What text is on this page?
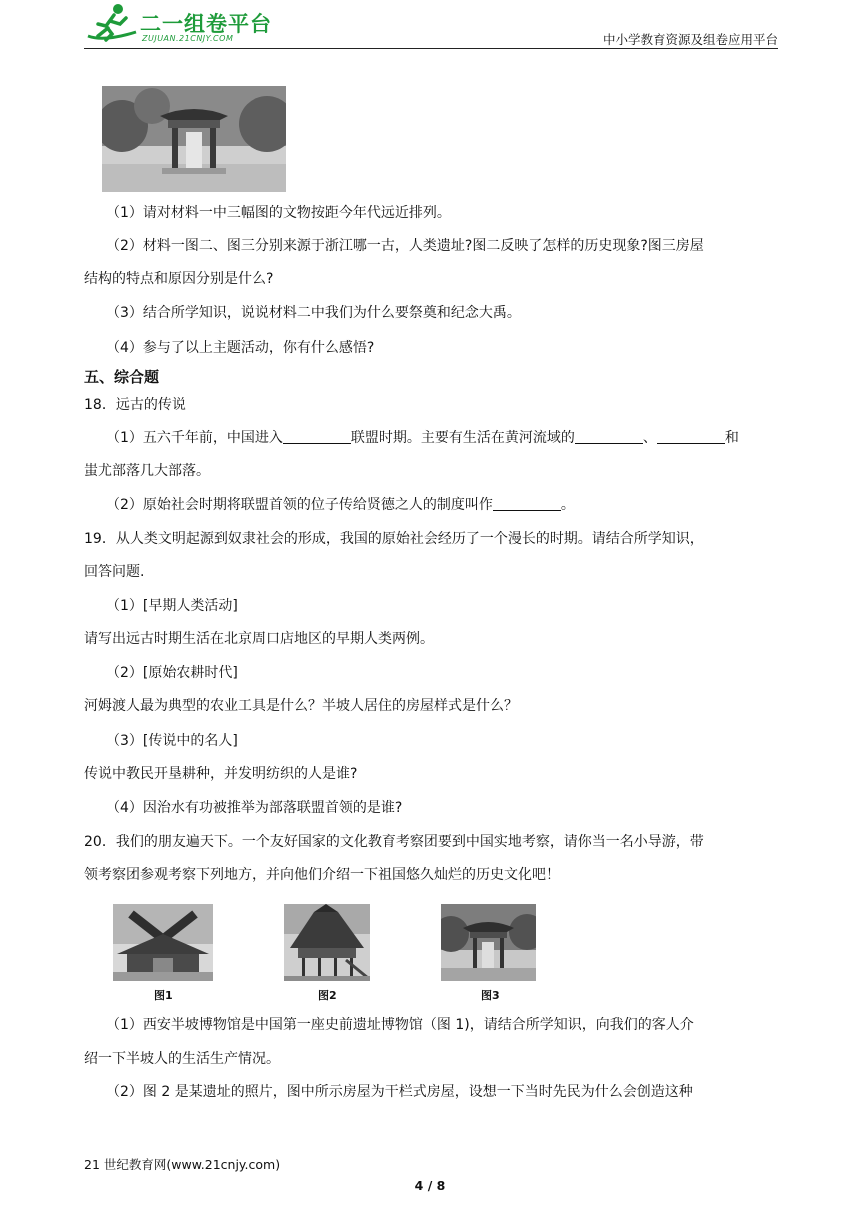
二一组卷平台
ZUJUAN.21CNJY.COM	中小学教育资源及组卷应用平台
（1）请对材料一中三幅图的文物按距今年代远近排列。
（2）材料一图二、图三分别来源于浙江哪一古，人类遗址?图二反映了怎样的历史现象?图三房屋
结构的特点和原因分别是什么?
（3）结合所学知识，说说材料二中我们为什么要祭奠和纪念大禹。
（4）参与了以上主题活动，你有什么感悟?
五、综合题
18．远古的传说
（1）五六千年前，中国进入	联盟时期。主要有生活在黄河流域的	、	和
蚩尤部落几大部落。
（2）原始社会时期将联盟首领的位子传给贤德之人的制度叫作	。
19．从人类文明起源到奴隶社会的形成，我国的原始社会经历了一个漫长的时期。请结合所学知识，
回答问题.
（1）[早期人类活动]
请写出远古时期生活在北京周口店地区的早期人类两例。
（2）[原始农耕时代]
河姆渡人最为典型的农业工具是什么？半坡人居住的房屋样式是什么？
（3）[传说中的名人]
传说中教民开垦耕种，并发明纺织的人是谁?
（4）因治水有功被推举为部落联盟首领的是谁?
20．我们的朋友遍天下。一个友好国家的文化教育考察团要到中国实地考察，请你当一名小导游，带
领考察团参观考察下列地方，并向他们介绍一下祖国悠久灿烂的历史文化吧！
（1）西安半坡博物馆是中国第一座史前遗址博物馆（图 1)，请结合所学知识，向我们的客人介
绍一下半坡人的生活生产情况。
（2）图 2 是某遗址的照片，图中所示房屋为干栏式房屋，设想一下当时先民为什么会创造这种
图1	图2	图3
21 世纪教育网(www.21cnjy.com)
4 / 8
